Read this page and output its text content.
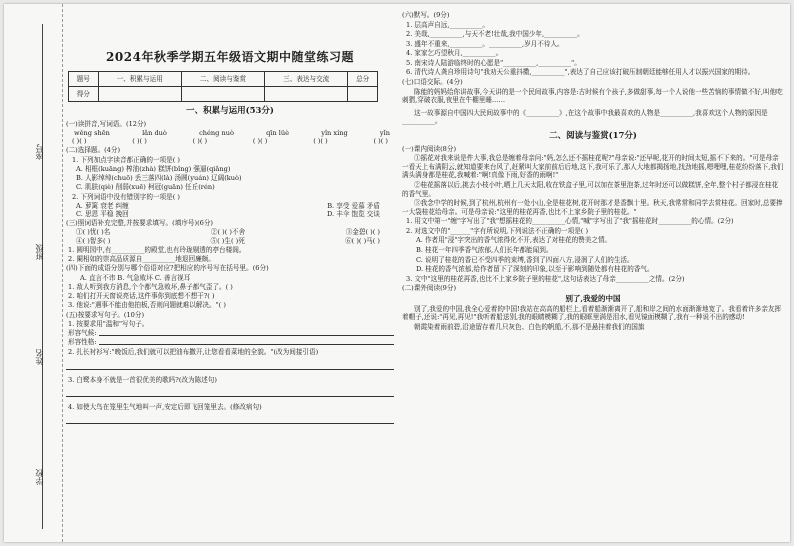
座号
班级
姓名
学校
2024年秋季学期五年级语文期中随堂练习题
题号	一、积累与运用	二、阅读与鉴赏	三、表达与交流	总分
得分				
一、积累与运用(53分)
(一)读拼音,写词语。(12分)
wěng shēn	lǎn duò	chéng nuò	qīn lüè	yǐn xíng	yǐn
( )( )	( )( )	( )( )	( )( )	( )( )	( )( )
(二)选择题。(4分)
1. 下列加点字读音都正确的一项是( )
A. 相框(kuāng) 榨油(zhà) 糕饼(bǐng) 强逼(qiǎng)
B. 人影绰绰(chuō) 丢三落四(là) 汤圆(yuán) 辽阔(kuò)
C. 肌肤(qiè) 削弱(xuē) 柯冠(guān) 任丘(rén)
2. 下列词语中没有错别字的一项是( )
A. 萝篱 衰老 纠缠	B. 享受 爱慕 矛盾
C. 思恩 平稳 挽回	D. 丰伞 饱览 交谈
(三)照词语补充完整,并按要求填写。(填序号)(6分)
①( )忧( )名	②( )( )不舍	③金碧( )( )
④( )智多( )	⑤( )生( )死	⑥( )( )马( )
1. 圆明园中,有__________的殿堂,也有玲珑剔透的亭台楼阁。
2. 阑相如的崇高品质源自__________地退回廉颇。
(四)下面的成语分别与哪个俗语对应?把相应的序号写在括号里。(6分)
A. 直言不讳 B. 气急败坏 C. 善言视耳
1. 敌人听到我方消息,个个都气急败坏,鼻子都气歪了。( )
2. 咱们打开天窗说亮话,这件事你到底想不想干?( )
3. 他说:"遇事不能由他拍板,否则问题就难以解决。"( )
(五)按要求写句子。(10分)
1. 按要求用"温和"写句子。
形容气候:
形容性格:
2. 扎长衬衫写:"晚饭后,我们就可以把油布撒开,让您看看菜地的全貌。"(改为间接引语)
3. 白鹭本身不就是一首很优美的歌吗?(改为陈述句)
4. 如使大鸟在笼里生气地叫一声,安定后即飞回笼里去。(修改病句)
(六)默写。(9分)
1. 层高声自远,__________。
2. 美哉,__________,与天不老!壮哉,我中国少年,__________。
3. 盛年不重来,__________。__________,岁月不待人。
4. 家家乞巧望秋月,__________。
5. 南宋诗人陆游临终时的心愿是"__________,__________"。
6. 清代诗人龚自珍用诗句"我劝天公重抖擞,__________",表达了自己应该打破压制朝廷能够任用人才以振兴国家的期待。
(七)口语交际。(4分)
陈能的妈妈给你讲故事,今天讲的是一个民间故事,内容是:古时候有个孩子,多做甜事,每一个人说他一些苦恼的事情做不好,叫他吃刺猬,穿破衣服,夜里在牛棚里睡……
这一故事源自中国四大民间故事中的《__________》,在这个故事中我最喜欢的人物是__________,我喜欢这个人物的原因是__________。
二、阅读与鉴赏(17分)
(一)课内阅读(8分)
①摇花对我来说是件大事,我总是缠着母亲问:"妈,怎么还不摇桂花呢?"母亲说:"还早呢,花开的时间太短,摇不下来的。"可是母亲一看天上布满阴云,就知道要来台风了,赶紧叫大家前前后后地,这下,我可乐了,那人大地都揭扬地,找劲地摇,嗯哩哩,桂花纷纷落下,我们满头满身都是桂花,我喊着:"啊!真像下雨,好香的雨啊!"
②桂花摇落以后,挑去小枝小叶,晒上几天太阳,收在铁盒子里,可以加在茶里泡茶,过年时还可以做糕饼,全年,整个村子都浸在桂花的香气里。
③我念中学的时候,到了杭州,杭州有一处小山,全是桂花树,花开时那才是香飘十里。秋天,我常常和同学去赏桂花。回家时,总要捧一大袋桂花给母亲。可是母亲说:"这里的桂花再香,也比不上家乡院子里的桂花。"
1. 用文中第一"缠"字写出了"我"想摇桂花的__________心情,"喊"字写出了"我"摇桂花时__________的心情。(2分)
2. 对选文中的"______"字有所说明,下列说法不正确的一项是( )
A. 作者用"浸"字突出的香气浓得化不开,表达了对桂花的赞美之情。
B. 桂花一年四季香气浓郁,人们长年都能闻到。
C. 说明了桂花的香已不受四季的束缚,香到了四面八方,浸润了人们的生活。
D. 桂花的香气浓郁,给作者留下了深刻的印象,以至于影响到随处都有桂花的香气。
3. 文中"这里的桂花再香,也比不上家乡院子里的桂花",这句话表达了母亲__________之情。(2分)
(二)课外阅读(9分)
别了,我爱的中国
别了,我爱的中国,我全心爱着的中国!我站在高高的船栏上,看着船渐渐离开了,船和岸之间的水面渐渐地宽了。我看着许多亲友挥着帽子,还说:"再见,再见!"我听着船送别,我的眼睛模糊了,我的眼眶里满是泪水,看见镜面模糊了,我有一种说不出的感动!
朝霞染着雨前碧,沿途留存着几只灰色、白色的帆船,不,那不是悬挂着我们的国旗
